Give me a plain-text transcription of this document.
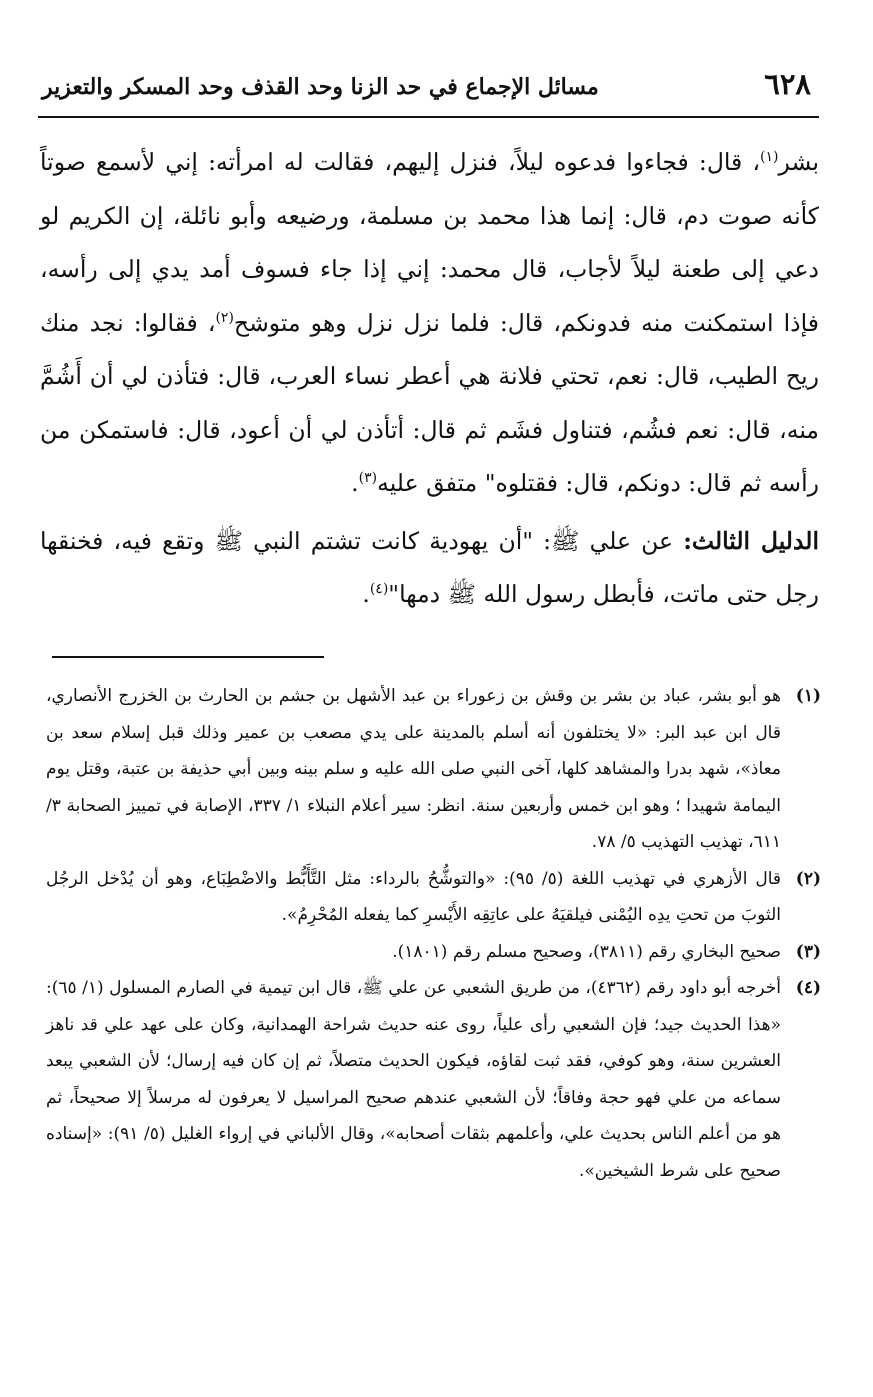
٦٢٨
مسائل الإجماع في حد الزنا وحد القذف وحد المسكر والتعزير

بشر$^{(١)}$، قال: فجاءوا فدعوه ليلاً، فنزل إليهم، فقالت له امرأته: إني لأسمع صوتاً كأنه صوت دم، قال: إنما هذا محمد بن مسلمة، ورضيعه وأبو نائلة، إن الكريم لو دعي إلى طعنة ليلاً لأجاب، قال محمد: إني إذا جاء فسوف أمد يدي إلى رأسه، فإذا استمكنت منه فدونكم، قال: فلما نزل نزل وهو متوشح$^{(٢)}$، فقالوا: نجد منك ريح الطيب، قال: نعم، تحتي فلانة هي أعطر نساء العرب، قال: فتأذن لي أن أَشُمَّ منه، قال: نعم فشُم، فتناول فشَم ثم قال: أتأذن لي أن أعود، قال: فاستمكن من رأسه ثم قال: دونكم، قال: فقتلوه" متفق عليه$^{(٣)}$.

الدليل الثالث: عن علي ﷺ: "أن يهودية كانت تشتم النبي ﷺ وتقع فيه، فخنقها رجل حتى ماتت، فأبطل رسول الله ﷺ دمها"$^{(٤)}$.

(١)
هو أبو بشر، عباد بن بشر بن وقش بن زعوراء بن عبد الأشهل بن جشم بن الحارث بن الخزرج الأنصاري، قال ابن عبد البر: «لا يختلفون أنه أسلم بالمدينة على يدي مصعب بن عمير وذلك قبل إسلام سعد بن معاذ»، شهد بدرا والمشاهد كلها، آخى النبي صلى الله عليه و سلم بينه وبين أبي حذيفة بن عتبة، وقتل يوم اليمامة شهيدا ؛ وهو ابن خمس وأربعين سنة. انظر: سير أعلام النبلاء ١/ ٣٣٧، الإصابة في تمييز الصحابة ٣/ ٦١١، تهذيب التهذيب ٥/ ٧٨.
(٢)
قال الأزهري في تهذيب اللغة (٥/ ٩٥): «والتوشُّحُ بالرداء: مثل التَّأَبُّط والاضْطِبَاع، وهو أن يُدْخل الرجُل الثوبَ من تحتِ يدِه اليُمْنى فيلقيَهُ على عاتِقِه الأَيْسرِ كما يفعله المُحْرِمُ».
(٣)
صحيح البخاري رقم (٣٨١١)، وصحيح مسلم رقم (١٨٠١).
(٤)
أخرجه أبو داود رقم (٤٣٦٢)، من طريق الشعبي عن علي ﷺ، قال ابن تيمية في الصارم المسلول (١/ ٦٥): «هذا الحديث جيد؛ فإن الشعبي رأى علياً، روى عنه حديث شراحة الهمدانية، وكان على عهد علي قد ناهز العشرين سنة، وهو كوفي، فقد ثبت لقاؤه، فيكون الحديث متصلاً، ثم إن كان فيه إرسال؛ لأن الشعبي يبعد سماعه من علي فهو حجة وفاقاً؛ لأن الشعبي عندهم صحيح المراسيل لا يعرفون له مرسلاً إلا صحيحاً، ثم هو من أعلم الناس بحديث علي، وأعلمهم بثقات أصحابه»، وقال الألباني في إرواء الغليل (٥/ ٩١): «إسناده صحيح على شرط الشيخين».
